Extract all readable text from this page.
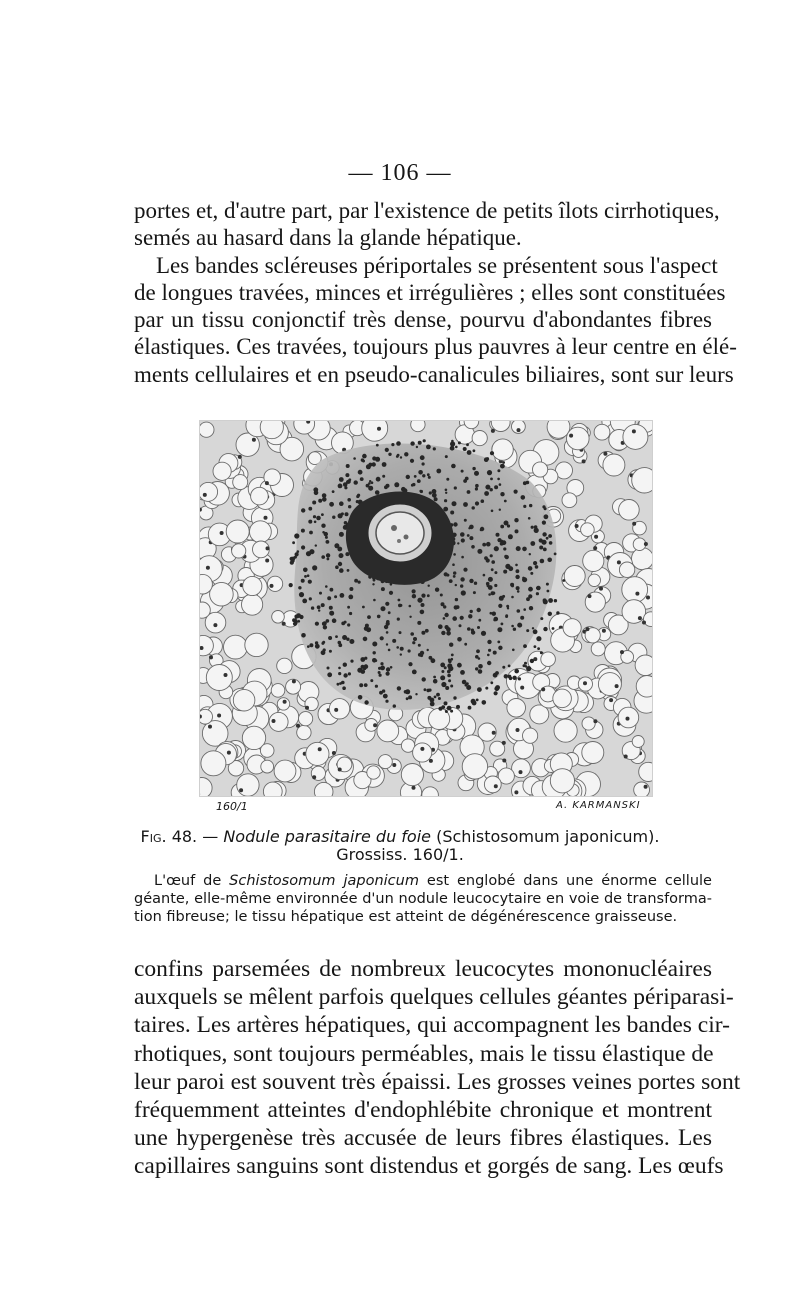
— 106 —

portes et, d'autre part, par l'existence de petits îlots cirrhotiques,
semés au hasard dans la glande hépatique.
Les bandes scléreuses périportales se présentent sous l'aspect
de longues travées, minces et irrégulières ; elles sont constituées
par un tissu conjonctif très dense, pourvu d'abondantes fibres
élastiques. Ces travées, toujours plus pauvres à leur centre en élé-
ments cellulaires et en pseudo-canalicules biliaires, sont sur leurs

160/1	A. KARMANSKI
Fig. 48. — Nodule parasitaire du foie (Schistosomum japonicum).
Grossiss. 160/1.

L'œuf de Schistosomum japonicum est englobé dans une énorme cellule
géante, elle-même environnée d'un nodule leucocytaire en voie de transforma-
tion fibreuse; le tissu hépatique est atteint de dégénérescence graisseuse.

confins parsemées de nombreux leucocytes mononucléaires
auxquels se mêlent parfois quelques cellules géantes périparasi-
taires. Les artères hépatiques, qui accompagnent les bandes cir-
rhotiques, sont toujours perméables, mais le tissu élastique de
leur paroi est souvent très épaissi. Les grosses veines portes sont
fréquemment atteintes d'endophlébite chronique et montrent
une hypergenèse très accusée de leurs fibres élastiques. Les
capillaires sanguins sont distendus et gorgés de sang. Les œufs
